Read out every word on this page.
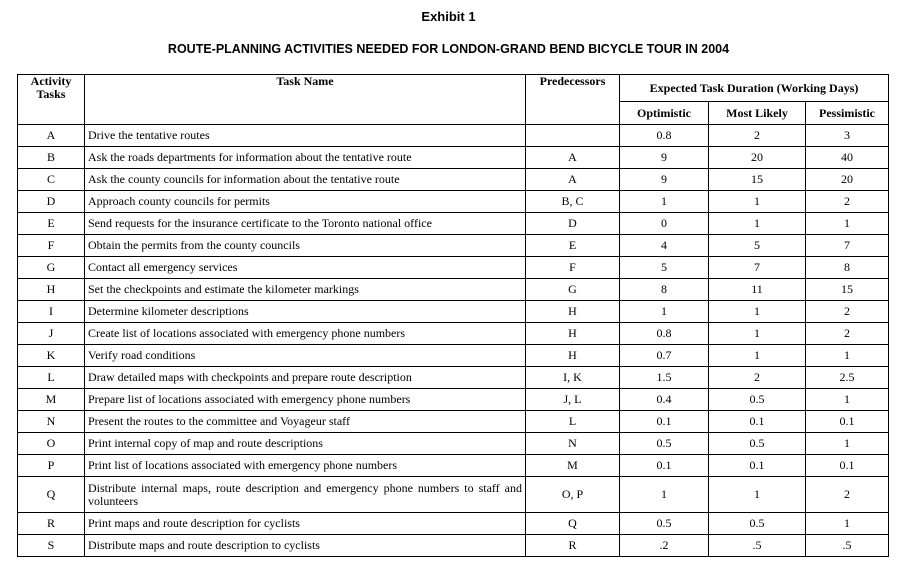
Exhibit 1
ROUTE-PLANNING ACTIVITIES NEEDED FOR LONDON-GRAND BEND BICYCLE TOUR IN 2004
Activity Tasks	Task Name	Predecessors	Expected Task Duration (Working Days)		
			Optimistic	Most Likely	Pessimistic
A	Drive the tentative routes		0.8	2	3
B	Ask the roads departments for information about the tentative route	A	9	20	40
C	Ask the county councils for information about the tentative route	A	9	15	20
D	Approach county councils for permits	B, C	1	1	2
E	Send requests for the insurance certificate to the Toronto national office	D	0	1	1
F	Obtain the permits from the county councils	E	4	5	7
G	Contact all emergency services	F	5	7	8
H	Set the checkpoints and estimate the kilometer markings	G	8	11	15
I	Determine kilometer descriptions	H	1	1	2
J	Create list of locations associated with emergency phone numbers	H	0.8	1	2
K	Verify road conditions	H	0.7	1	1
L	Draw detailed maps with checkpoints and prepare route description	I, K	1.5	2	2.5
M	Prepare list of locations associated with emergency phone numbers	J, L	0.4	0.5	1
N	Present the routes to the committee and Voyageur staff	L	0.1	0.1	0.1
O	Print internal copy of map and route descriptions	N	0.5	0.5	1
P	Print list of locations associated with emergency phone numbers	M	0.1	0.1	0.1
Q	Distribute internal maps, route description and emergency phone numbers to staff and volunteers	O, P	1	1	2
R	Print maps and route description for cyclists	Q	0.5	0.5	1
S	Distribute maps and route description to cyclists	R	.2	.5	.5
